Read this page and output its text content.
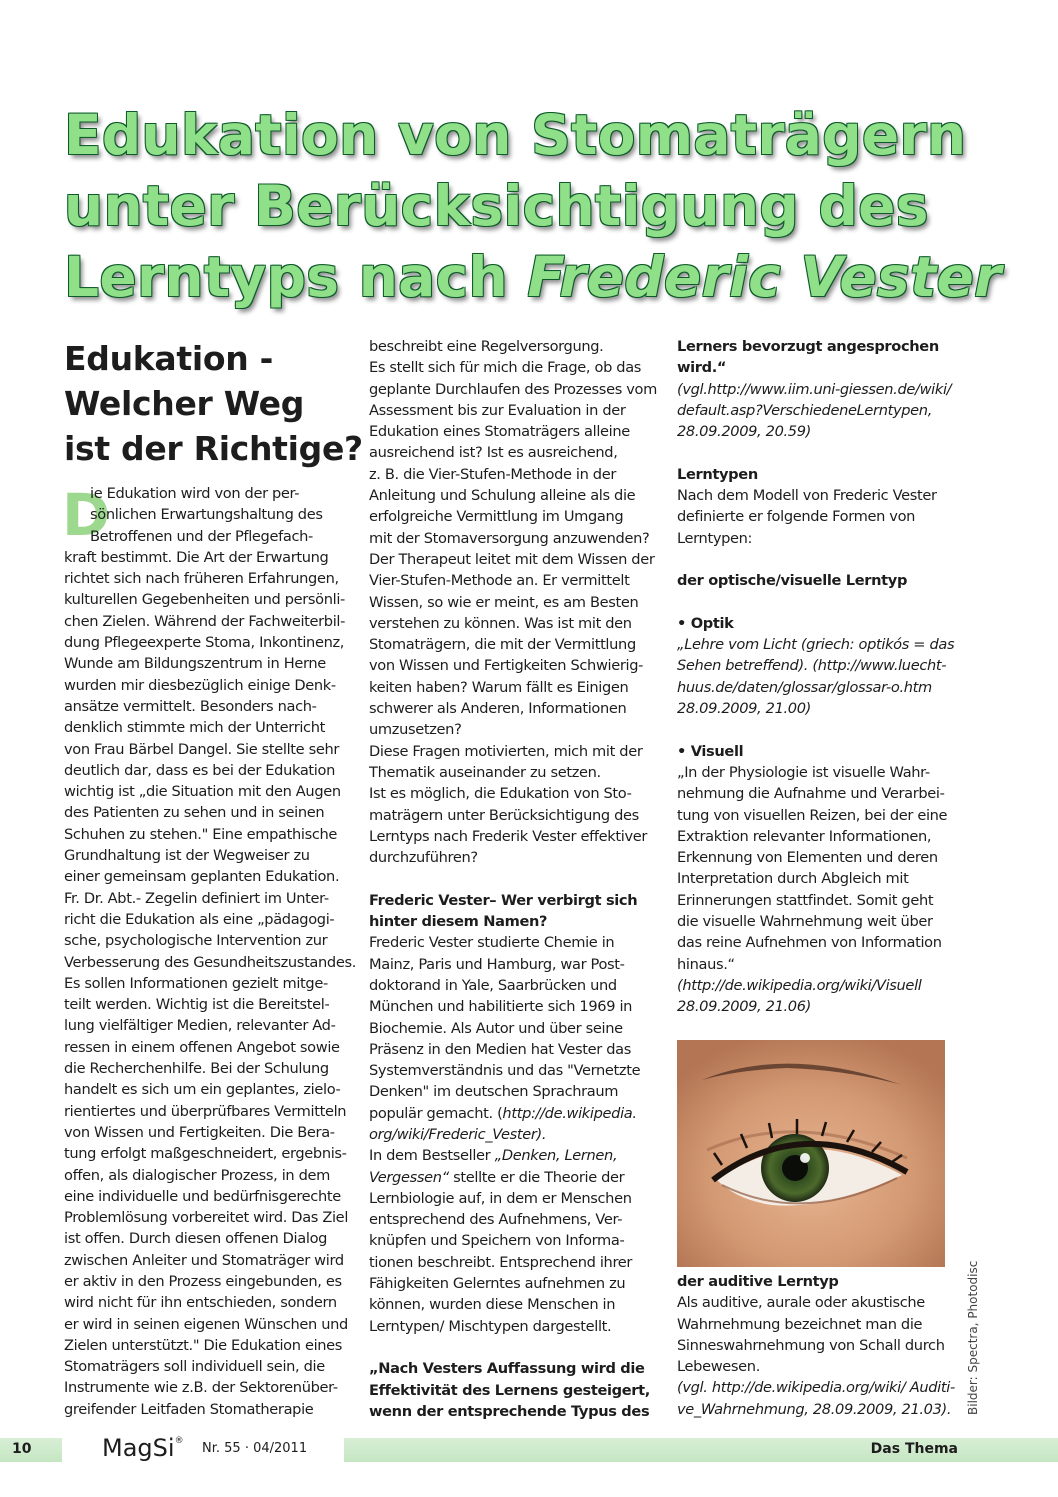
Edukation von Stomaträgern
unter Berücksichtigung des
Lerntyps nach Frederic Vester
Edukation -
Welcher Weg
ist der Richtige?
D
ie Edukation wird von der per-
sönlichen Erwartungshaltung des
Betroffenen und der Pflegefach-
kraft bestimmt. Die Art der Erwartung
richtet sich nach früheren Erfahrungen,
kulturellen Gegebenheiten und persönli-
chen Zielen. Während der Fachweiterbil-
dung Pflegeexperte Stoma, Inkontinenz,
Wunde am Bildungszentrum in Herne
wurden mir diesbezüglich einige Denk-
ansätze vermittelt. Besonders nach-
denklich stimmte mich der Unterricht
von Frau Bärbel Dangel. Sie stellte sehr
deutlich dar, dass es bei der Edukation
wichtig ist „die Situation mit den Augen
des Patienten zu sehen und in seinen
Schuhen zu stehen." Eine empathische
Grundhaltung ist der Wegweiser zu
einer gemeinsam geplanten Edukation.
Fr. Dr. Abt.- Zegelin definiert im Unter-
richt die Edukation als eine „pädagogi-
sche, psychologische Intervention zur
Verbesserung des Gesundheitszustandes.
Es sollen Informationen gezielt mitge-
teilt werden. Wichtig ist die Bereitstel-
lung vielfältiger Medien, relevanter Ad-
ressen in einem offenen Angebot sowie
die Recherchenhilfe. Bei der Schulung
handelt es sich um ein geplantes, zielo-
rientiertes und überprüfbares Vermitteln
von Wissen und Fertigkeiten. Die Bera-
tung erfolgt maßgeschneidert, ergebnis-
offen, als dialogischer Prozess, in dem
eine individuelle und bedürfnisgerechte
Problemlösung vorbereitet wird. Das Ziel
ist offen. Durch diesen offenen Dialog
zwischen Anleiter und Stomaträger wird
er aktiv in den Prozess eingebunden, es
wird nicht für ihn entschieden, sondern
er wird in seinen eigenen Wünschen und
Zielen unterstützt." Die Edukation eines
Stomaträgers soll individuell sein, die
Instrumente wie z.B. der Sektorenüber-
greifender Leitfaden Stomatherapie
beschreibt eine Regelversorgung.
Es stellt sich für mich die Frage, ob das
geplante Durchlaufen des Prozesses vom
Assessment bis zur Evaluation in der
Edukation eines Stomaträgers alleine
ausreichend ist? Ist es ausreichend,
z. B. die Vier-Stufen-Methode in der
Anleitung und Schulung alleine als die
erfolgreiche Vermittlung im Umgang
mit der Stomaversorgung anzuwenden?
Der Therapeut leitet mit dem Wissen der
Vier-Stufen-Methode an. Er vermittelt
Wissen, so wie er meint, es am Besten
verstehen zu können. Was ist mit den
Stomaträgern, die mit der Vermittlung
von Wissen und Fertigkeiten Schwierig-
keiten haben? Warum fällt es Einigen
schwerer als Anderen, Informationen
umzusetzen?
Diese Fragen motivierten, mich mit der
Thematik auseinander zu setzen.
Ist es möglich, die Edukation von Sto-
maträgern unter Berücksichtigung des
Lerntyps nach Frederik Vester effektiver
durchzuführen?
Frederic Vester– Wer verbirgt sich
hinter diesem Namen?
Frederic Vester studierte Chemie in
Mainz, Paris und Hamburg, war Post-
doktorand in Yale, Saarbrücken und
München und habilitierte sich 1969 in
Biochemie. Als Autor und über seine
Präsenz in den Medien hat Vester das
Systemverständnis und das "Vernetzte
Denken" im deutschen Sprachraum
populär gemacht. (http://de.wikipedia.
org/wiki/Frederic_Vester).
In dem Bestseller „Denken, Lernen,
Vergessen“ stellte er die Theorie der
Lernbiologie auf, in dem er Menschen
entsprechend des Aufnehmens, Ver-
knüpfen und Speichern von Informa-
tionen beschreibt. Entsprechend ihrer
Fähigkeiten Gelerntes aufnehmen zu
können, wurden diese Menschen in
Lerntypen/ Mischtypen dargestellt.
„Nach Vesters Auffassung wird die
Effektivität des Lernens gesteigert,
wenn der entsprechende Typus des
Lerners bevorzugt angesprochen
wird.“
(vgl.http://www.iim.uni-giessen.de/wiki/
default.asp?VerschiedeneLerntypen,
28.09.2009, 20.59)
Lerntypen
Nach dem Modell von Frederic Vester
definierte er folgende Formen von
Lerntypen:
der optische/visuelle Lerntyp
• Optik
„Lehre vom Licht (griech: optikós = das
Sehen betreffend). (http://www.luecht-
huus.de/daten/glossar/glossar-o.htm
28.09.2009, 21.00)
• Visuell
„In der Physiologie ist visuelle Wahr-
nehmung die Aufnahme und Verarbei-
tung von visuellen Reizen, bei der eine
Extraktion relevanter Informationen,
Erkennung von Elementen und deren
Interpretation durch Abgleich mit
Erinnerungen stattfindet. Somit geht
die visuelle Wahrnehmung weit über
das reine Aufnehmen von Information
hinaus.“
(http://de.wikipedia.org/wiki/Visuell
28.09.2009, 21.06)
der auditive Lerntyp
Als auditive, aurale oder akustische
Wahrnehmung bezeichnet man die
Sinneswahrnehmung von Schall durch
Lebewesen.
(vgl. http://de.wikipedia.org/wiki/ Auditi-
ve_Wahrnehmung, 28.09.2009, 21.03).	Bilder: Spectra, Photodisc
10	MagSi® Nr. 55 · 04/2011	Das Thema
